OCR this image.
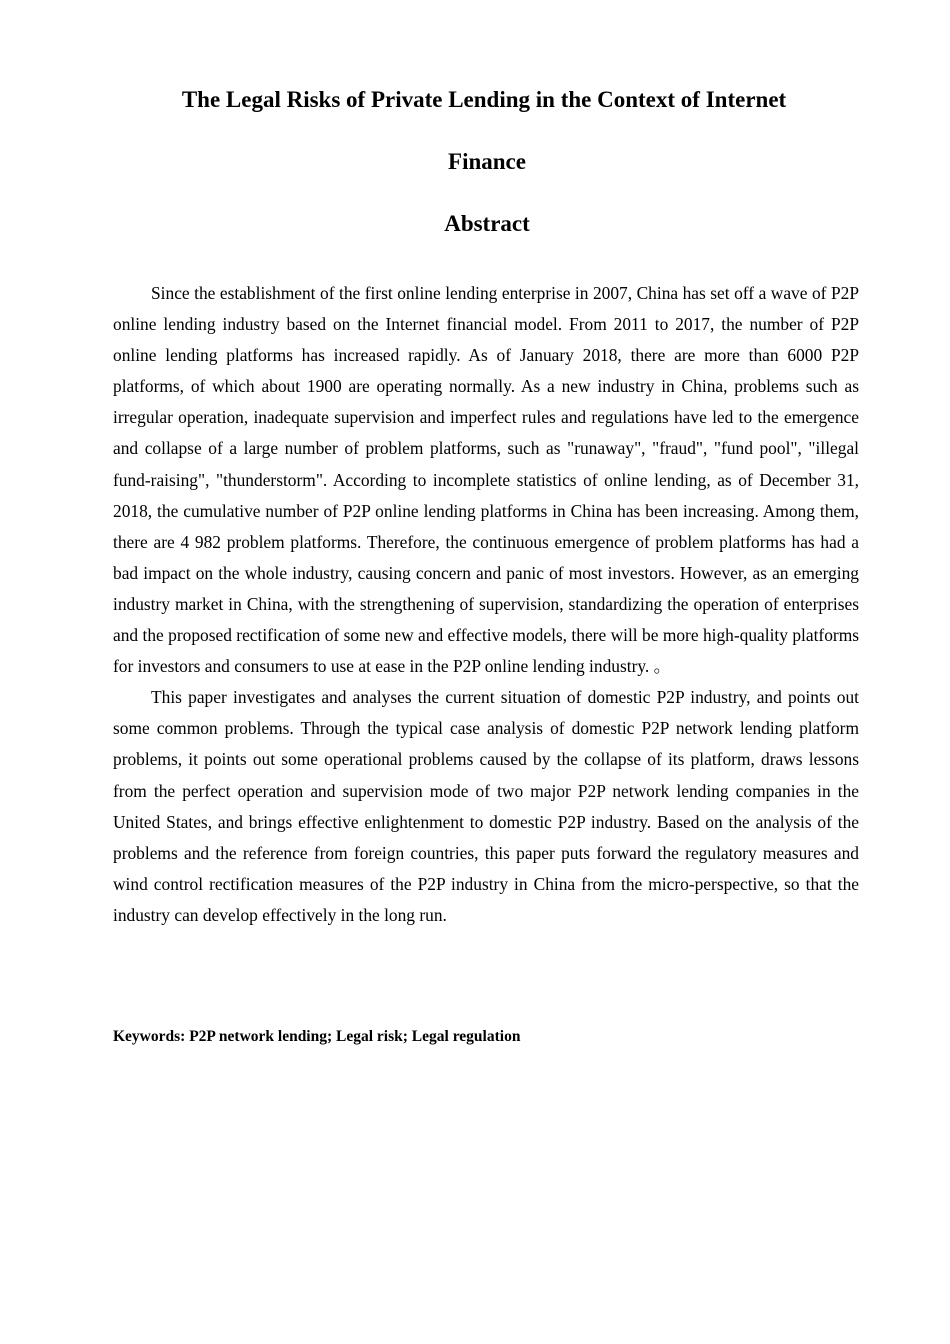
The Legal Risks of Private Lending in the Context of Internet
Finance
Abstract

Since the establishment of the first online lending enterprise in 2007, China has set off a wave of P2P online lending industry based on the Internet financial model. From 2011 to 2017, the number of P2P online lending platforms has increased rapidly. As of January 2018, there are more than 6000 P2P platforms, of which about 1900 are operating normally. As a new industry in China, problems such as irregular operation, inadequate supervision and imperfect rules and regulations have led to the emergence and collapse of a large number of problem platforms, such as "runaway", "fraud", "fund pool", "illegal fund-raising", "thunderstorm". According to incomplete statistics of online lending, as of December 31, 2018, the cumulative number of P2P online lending platforms in China has been increasing. Among them, there are 4 982 problem platforms. Therefore, the continuous emergence of problem platforms has had a bad impact on the whole industry, causing concern and panic of most investors. However, as an emerging industry market in China, with the strengthening of supervision, standardizing the operation of enterprises and the proposed rectification of some new and effective models, there will be more high-quality platforms for investors and consumers to use at ease in the P2P online lending industry. 。

This paper investigates and analyses the current situation of domestic P2P industry, and points out some common problems. Through the typical case analysis of domestic P2P network lending platform problems, it points out some operational problems caused by the collapse of its platform, draws lessons from the perfect operation and supervision mode of two major P2P network lending companies in the United States, and brings effective enlightenment to domestic P2P industry. Based on the analysis of the problems and the reference from foreign countries, this paper puts forward the regulatory measures and wind control rectification measures of the P2P industry in China from the micro-perspective, so that the industry can develop effectively in the long run.

Keywords: P2P network lending; Legal risk; Legal regulation
